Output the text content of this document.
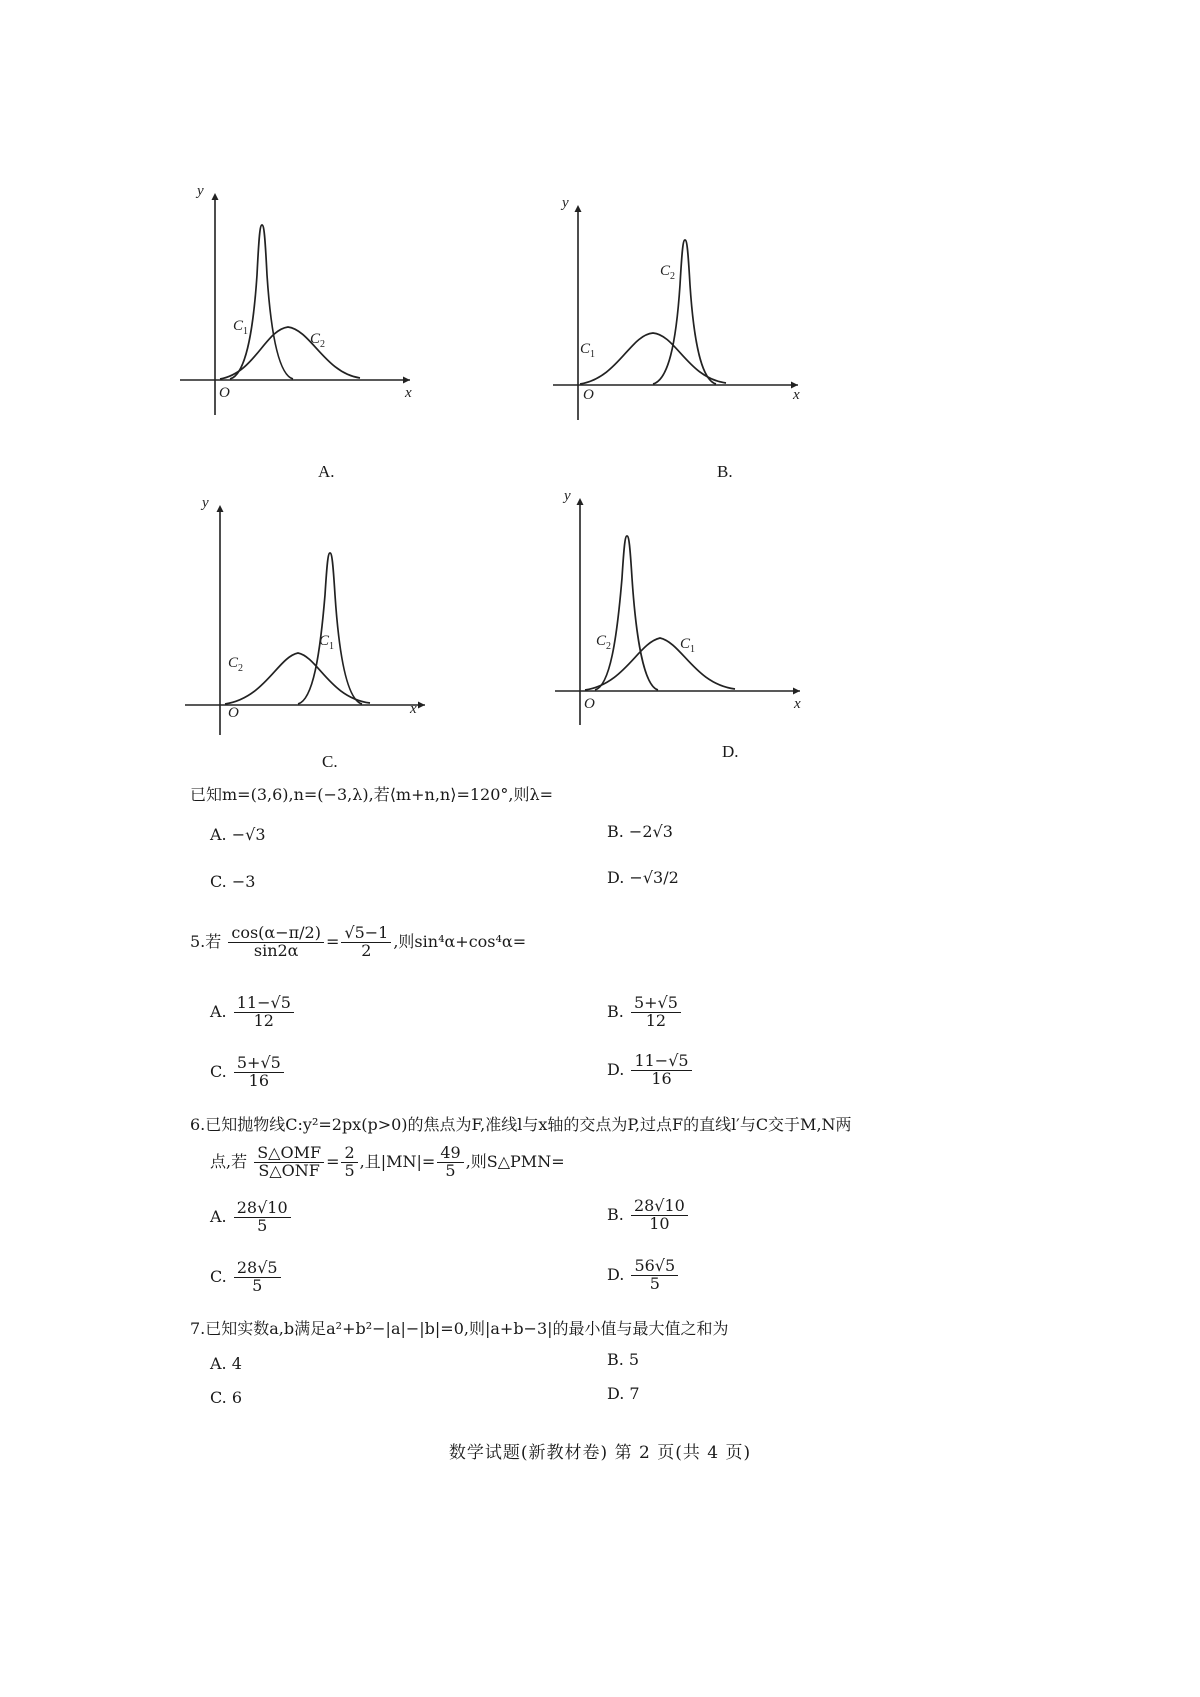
y
x
O
$C_1$	$C_2$
A.
y
x
O
$C_1$
$C_2$
B.
y
x
O
$C_2$
$C_1$
C.
y
x
O
$C_2$	$C_1$
D.
已知m=(3,6),n=(−3,λ),若⟨m+n,n⟩=120°,则λ=
A. −√3	B. −2√3
C. −3	D. −√3/2
5.若 $\frac{\cos(\alpha-\pi/2)}{\sin 2\alpha} = \frac{√5-1}{2}$ ,则sin⁴α+cos⁴α=
A. $\frac{11-√5}{12}$	B. $\frac{5+√5}{12}$
C. $\frac{5+√5}{16}$	D. $\frac{11-√5}{16}$
6.已知抛物线C:y²=2px(p>0)的焦点为F,准线l与x轴的交点为P,过点F的直线l′与C交于M,N两
点,若 $\frac{\text{S△OMF}}{\text{S△ONF}} = \frac{2}{5}$ ,且$|MN|= \frac{49}{5}$ ,则S△PMN=
A. $\frac{28√10}{5}$	B. $\frac{28√10}{10}$
C. $\frac{28√5}{5}$	D. $\frac{56√5}{5}$
7.已知实数a,b满足a²+b²−|a|−|b|=0,则|a+b−3|的最小值与最大值之和为
A. 4	B. 5
C. 6	D. 7
数学试题(新教材卷) 第 2 页(共 4 页)
